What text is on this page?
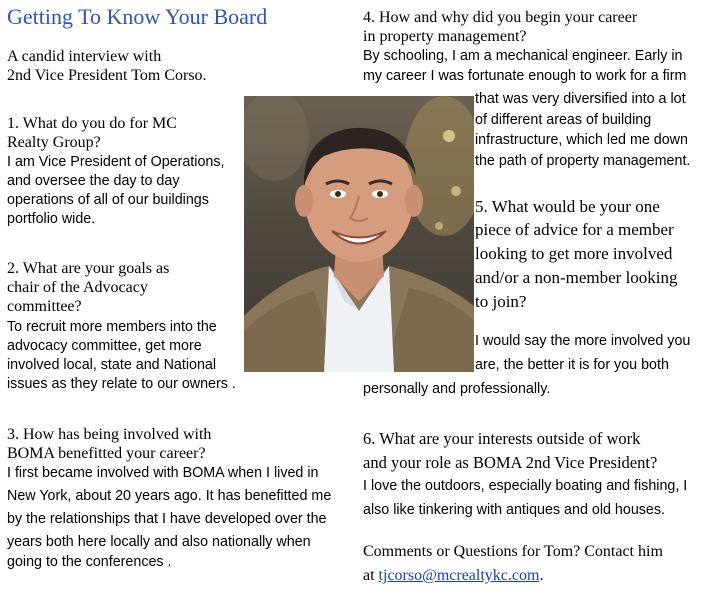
Getting To Know Your Board
A candid interview with
2nd Vice President Tom Corso.
1. What do you do for MC
Realty Group?
I am Vice President of Operations,
and oversee the day to day
operations of all of our buildings
portfolio wide.
2. What are your goals as
chair of the Advocacy
committee?
To recruit more members into the
advocacy committee, get more
involved local, state and National
issues as they relate to our owners .
3. How has being involved with
BOMA benefitted your career?
I first became involved with BOMA when I lived in
New York, about 20 years ago. It has benefitted me
by the relationships that I have developed over the
years both here locally and also nationally when
going to the conferences .
4. How and why did you begin your career
in property management?
By schooling, I am a mechanical engineer. Early in
my career I was fortunate enough to work for a firm
that was very diversified into a lot
of different areas of building
infrastructure, which led me down
the path of property management.
5. What would be your one
piece of advice for a member
looking to get more involved
and/or a non-member looking
to join?
I would say the more involved you
are, the better it is for you both
personally and professionally.
6. What are your interests outside of work
and your role as BOMA 2nd Vice President?
I love the outdoors, especially boating and fishing, I
also like tinkering with antiques and old houses.
Comments or Questions for Tom? Contact him
at tjcorso@mcrealtykc.com.
